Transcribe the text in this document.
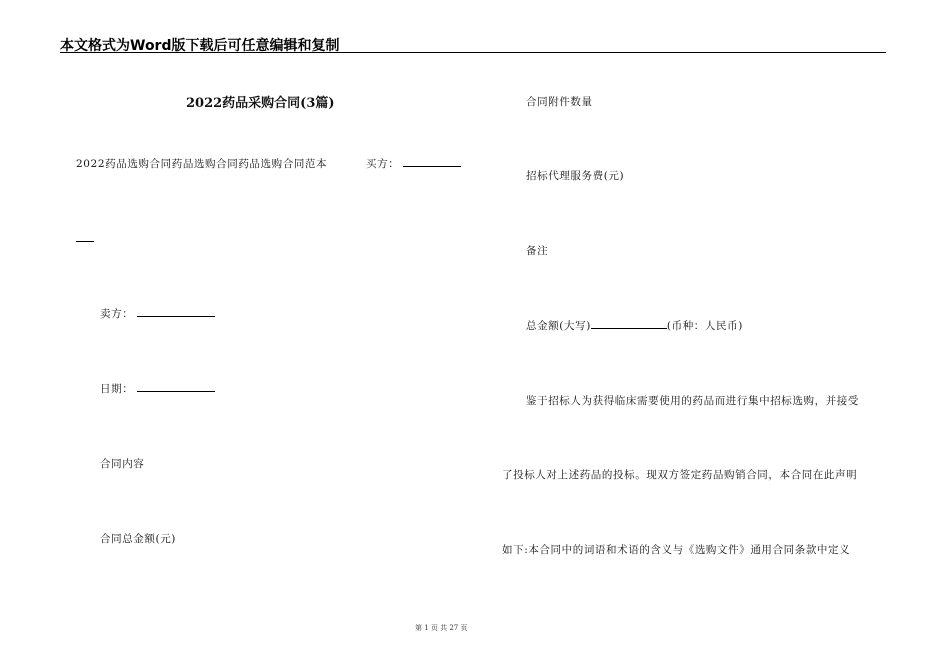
本文格式为Word版下载后可任意编辑和复制
2022药品采购合同(3篇)
2022药品选购合同药品选购合同药品选购合同范本	买方：
卖方：
日期：
合同内容
合同总金额(元)
合同附件数量
招标代理服务费(元)
备注
总金额(大写)	(币种：人民币)
鉴于招标人为获得临床需要使用的药品而进行集中招标选购，并接受
了投标人对上述药品的投标。现双方签定药品购销合同，本合同在此声明
如下:本合同中的词语和术语的含义与《选购文件》通用合同条款中定义
第 1 页 共 27 页
